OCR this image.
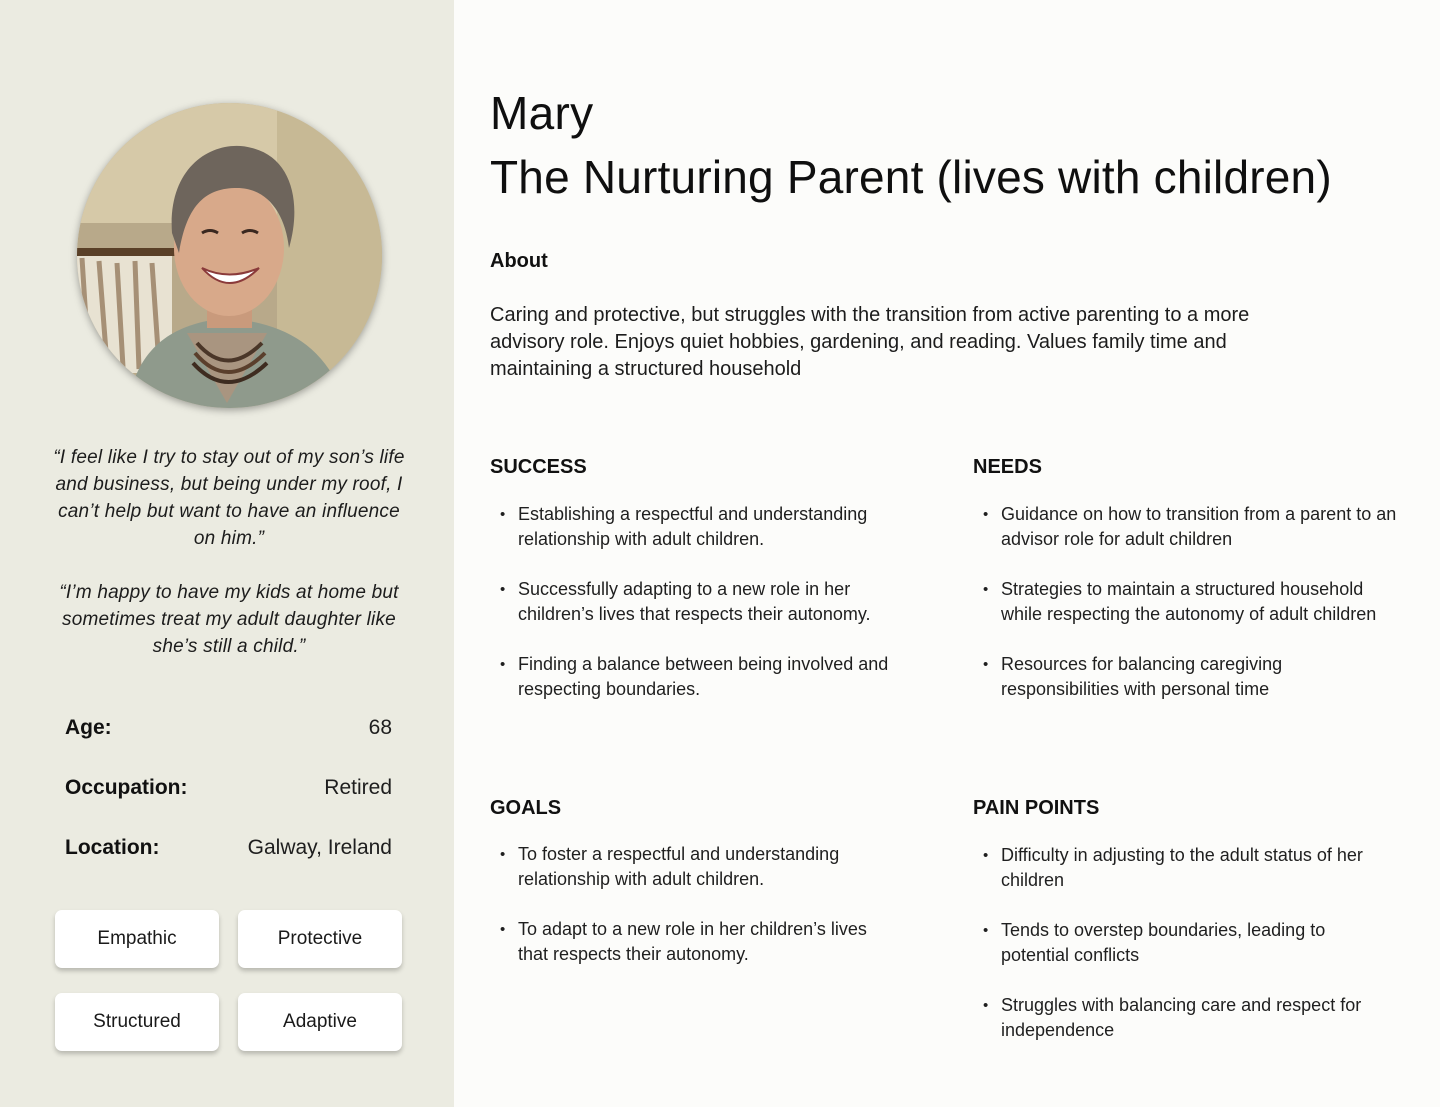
“I feel like I try to stay out of my son’s life and business, but being under my roof, I can’t help but want to have an influence on him.”

“I’m happy to have my kids at home but sometimes treat my adult daughter like she’s still a child.”

Age:	68
Occupation:	Retired
Location:	Galway, Ireland
Empathic	Protective
Structured	Adaptive
Mary
The Nurturing Parent (lives with children)
About

Caring and protective, but struggles with the transition from active parenting to a more advisory role. Enjoys quiet hobbies, gardening, and reading. Values family time and maintaining a structured household

SUCCESS
• Establishing a respectful and understanding relationship with adult children.
• Successfully adapting to a new role in her children’s lives that respects their autonomy.
• Finding a balance between being involved and respecting boundaries.
NEEDS
• Guidance on how to transition from a parent to an advisor role for adult children
• Strategies to maintain a structured household while respecting the autonomy of adult children
• Resources for balancing caregiving responsibilities with personal time
GOALS
• To foster a respectful and understanding relationship with adult children.
• To adapt to a new role in her children’s lives that respects their autonomy.
PAIN POINTS
• Difficulty in adjusting to the adult status of her children
• Tends to overstep boundaries, leading to potential conflicts
• Struggles with balancing care and respect for independence
